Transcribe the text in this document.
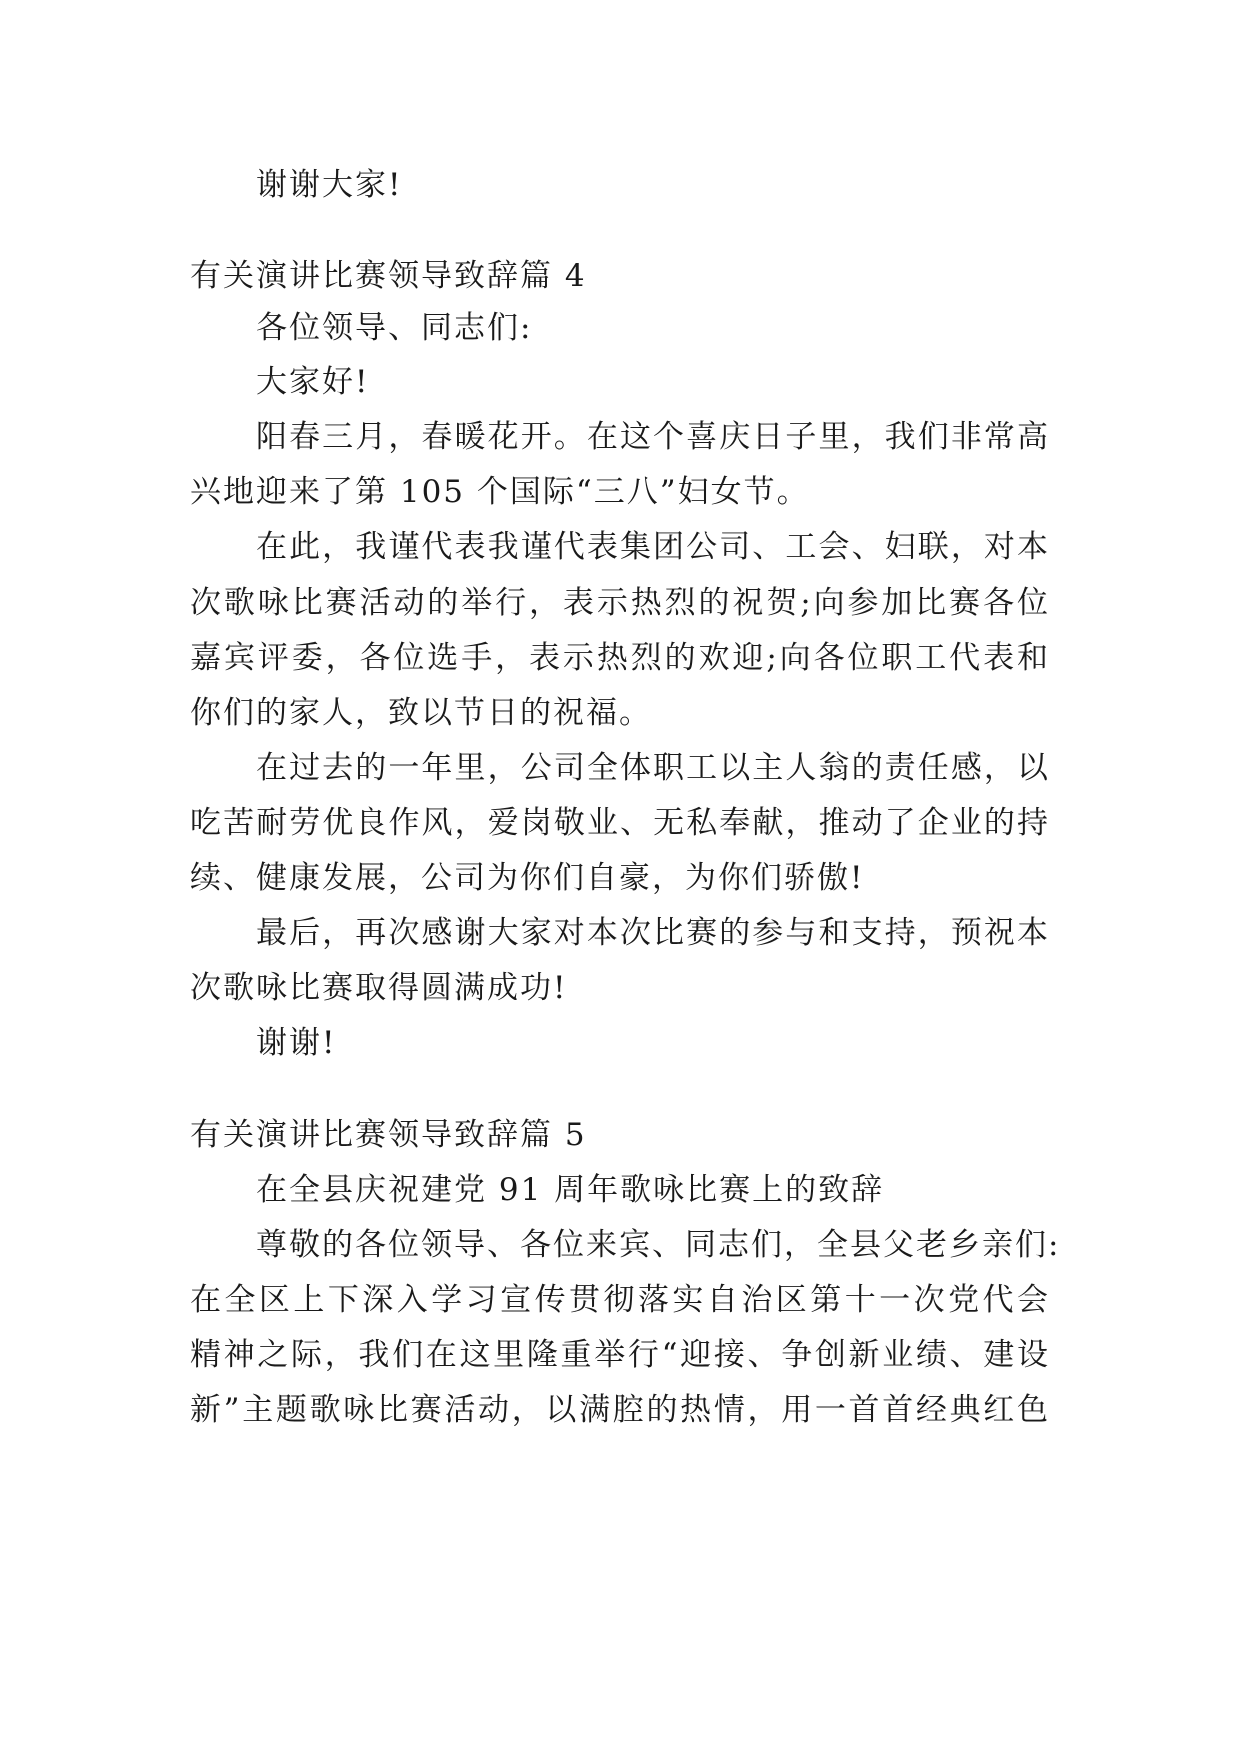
谢谢大家!
有关演讲比赛领导致辞篇 4
各位领导、同志们:
大家好!
阳春三月，春暖花开。在这个喜庆日子里，我们非常高
兴地迎来了第 105 个国际“三八”妇女节。
在此，我谨代表我谨代表集团公司、工会、妇联，对本
次歌咏比赛活动的举行，表示热烈的祝贺;向参加比赛各位
嘉宾评委，各位选手，表示热烈的欢迎;向各位职工代表和
你们的家人，致以节日的祝福。
在过去的一年里，公司全体职工以主人翁的责任感，以
吃苦耐劳优良作风，爱岗敬业、无私奉献，推动了企业的持
续、健康发展，公司为你们自豪，为你们骄傲!
最后，再次感谢大家对本次比赛的参与和支持，预祝本
次歌咏比赛取得圆满成功!
谢谢!
有关演讲比赛领导致辞篇 5
在全县庆祝建党 91 周年歌咏比赛上的致辞
尊敬的各位领导、各位来宾、同志们，全县父老乡亲们:
在全区上下深入学习宣传贯彻落实自治区第十一次党代会
精神之际，我们在这里隆重举行“迎接、争创新业绩、建设
新”主题歌咏比赛活动，以满腔的热情，用一首首经典红色
